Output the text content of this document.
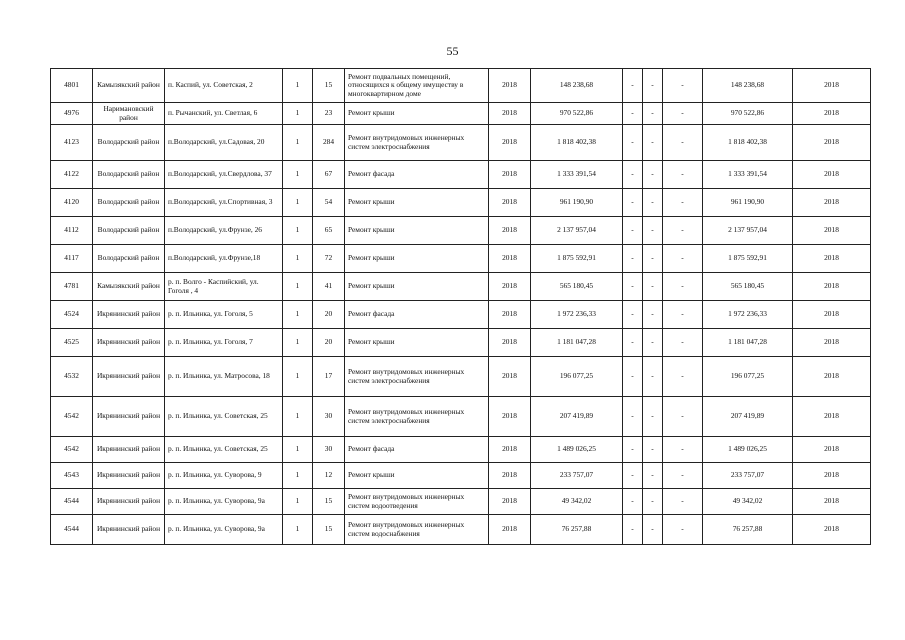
55
4801	Камызякский район	п. Каспий, ул. Советская, 2	1	15	Ремонт подвальных помещений, относящихся к общему имуществу в многоквартирном доме	2018	148 238,68	-	-	-	148 238,68	2018
4976	Наримановский район	п. Рычанский, ул. Светлая, 6	1	23	Ремонт крыши	2018	970 522,86	-	-	-	970 522,86	2018
4123	Володарский район	п.Володарский, ул.Садовая, 20	1	284	Ремонт внутридомовых инженерных систем электроснабжения	2018	1 818 402,38	-	-	-	1 818 402,38	2018
4122	Володарский район	п.Володарский, ул.Свердлова, 37	1	67	Ремонт фасада	2018	1 333 391,54	-	-	-	1 333 391,54	2018
4120	Володарский район	п.Володарский, ул.Спортивная, 3	1	54	Ремонт крыши	2018	961 190,90	-	-	-	961 190,90	2018
4112	Володарский район	п.Володарский, ул.Фрунзе, 26	1	65	Ремонт крыши	2018	2 137 957,04	-	-	-	2 137 957,04	2018
4117	Володарский район	п.Володарский, ул.Фрунзе,18	1	72	Ремонт крыши	2018	1 875 592,91	-	-	-	1 875 592,91	2018
4781	Камызякский район	р. п. Волго - Каспийский, ул. Гоголя , 4	1	41	Ремонт крыши	2018	565 180,45	-	-	-	565 180,45	2018
4524	Икрянинский район	р. п. Ильинка, ул. Гоголя, 5	1	20	Ремонт фасада	2018	1 972 236,33	-	-	-	1 972 236,33	2018
4525	Икрянинский район	р. п. Ильинка, ул. Гоголя, 7	1	20	Ремонт крыши	2018	1 181 047,28	-	-	-	1 181 047,28	2018
4532	Икрянинский район	р. п. Ильинка, ул. Матросова, 18	1	17	Ремонт внутридомовых инженерных систем электроснабжения	2018	196 077,25	-	-	-	196 077,25	2018
4542	Икрянинский район	р. п. Ильинка, ул. Советская, 25	1	30	Ремонт внутридомовых инженерных систем электроснабжения	2018	207 419,89	-	-	-	207 419,89	2018
4542	Икрянинский район	р. п. Ильинка, ул. Советская, 25	1	30	Ремонт фасада	2018	1 489 026,25	-	-	-	1 489 026,25	2018
4543	Икрянинский район	р. п. Ильинка, ул. Суворова, 9	1	12	Ремонт крыши	2018	233 757,07	-	-	-	233 757,07	2018
4544	Икрянинский район	р. п. Ильинка, ул. Суворова, 9а	1	15	Ремонт внутридомовых инженерных систем водоотведения	2018	49 342,02	-	-	-	49 342,02	2018
4544	Икрянинский район	р. п. Ильинка, ул. Суворова, 9а	1	15	Ремонт внутридомовых инженерных систем водоснабжения	2018	76 257,88	-	-	-	76 257,88	2018
